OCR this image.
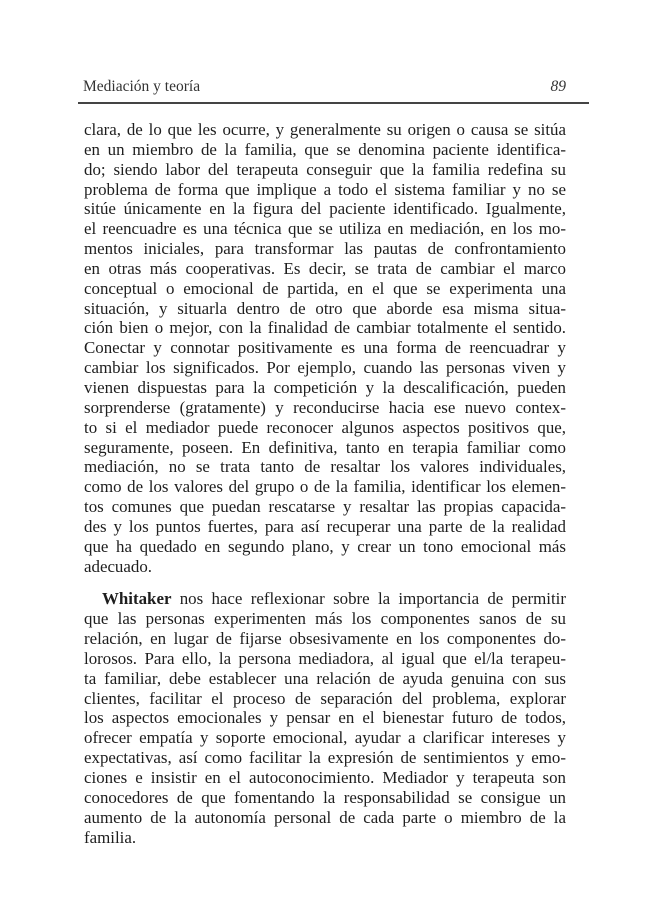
Mediación y teoría	89
clara, de lo que les ocurre, y generalmente su origen o causa se sitúa
en un miembro de la familia, que se denomina paciente identifica-
do; siendo labor del terapeuta conseguir que la familia redefina su
problema de forma que implique a todo el sistema familiar y no se
sitúe únicamente en la figura del paciente identificado. Igualmente,
el reencuadre es una técnica que se utiliza en mediación, en los mo-
mentos iniciales, para transformar las pautas de confrontamiento
en otras más cooperativas. Es decir, se trata de cambiar el marco
conceptual o emocional de partida, en el que se experimenta una
situación, y situarla dentro de otro que aborde esa misma situa-
ción bien o mejor, con la finalidad de cambiar totalmente el sentido.
Conectar y connotar positivamente es una forma de reencuadrar y
cambiar los significados. Por ejemplo, cuando las personas viven y
vienen dispuestas para la competición y la descalificación, pueden
sorprenderse (gratamente) y reconducirse hacia ese nuevo contex-
to si el mediador puede reconocer algunos aspectos positivos que,
seguramente, poseen. En definitiva, tanto en terapia familiar como
mediación, no se trata tanto de resaltar los valores individuales,
como de los valores del grupo o de la familia, identificar los elemen-
tos comunes que puedan rescatarse y resaltar las propias capacida-
des y los puntos fuertes, para así recuperar una parte de la realidad
que ha quedado en segundo plano, y crear un tono emocional más
adecuado.
Whitaker nos hace reflexionar sobre la importancia de permitir
que las personas experimenten más los componentes sanos de su
relación, en lugar de fijarse obsesivamente en los componentes do-
lorosos. Para ello, la persona mediadora, al igual que el/la terapeu-
ta familiar, debe establecer una relación de ayuda genuina con sus
clientes, facilitar el proceso de separación del problema, explorar
los aspectos emocionales y pensar en el bienestar futuro de todos,
ofrecer empatía y soporte emocional, ayudar a clarificar intereses y
expectativas, así como facilitar la expresión de sentimientos y emo-
ciones e insistir en el autoconocimiento. Mediador y terapeuta son
conocedores de que fomentando la responsabilidad se consigue un
aumento de la autonomía personal de cada parte o miembro de la
familia.
